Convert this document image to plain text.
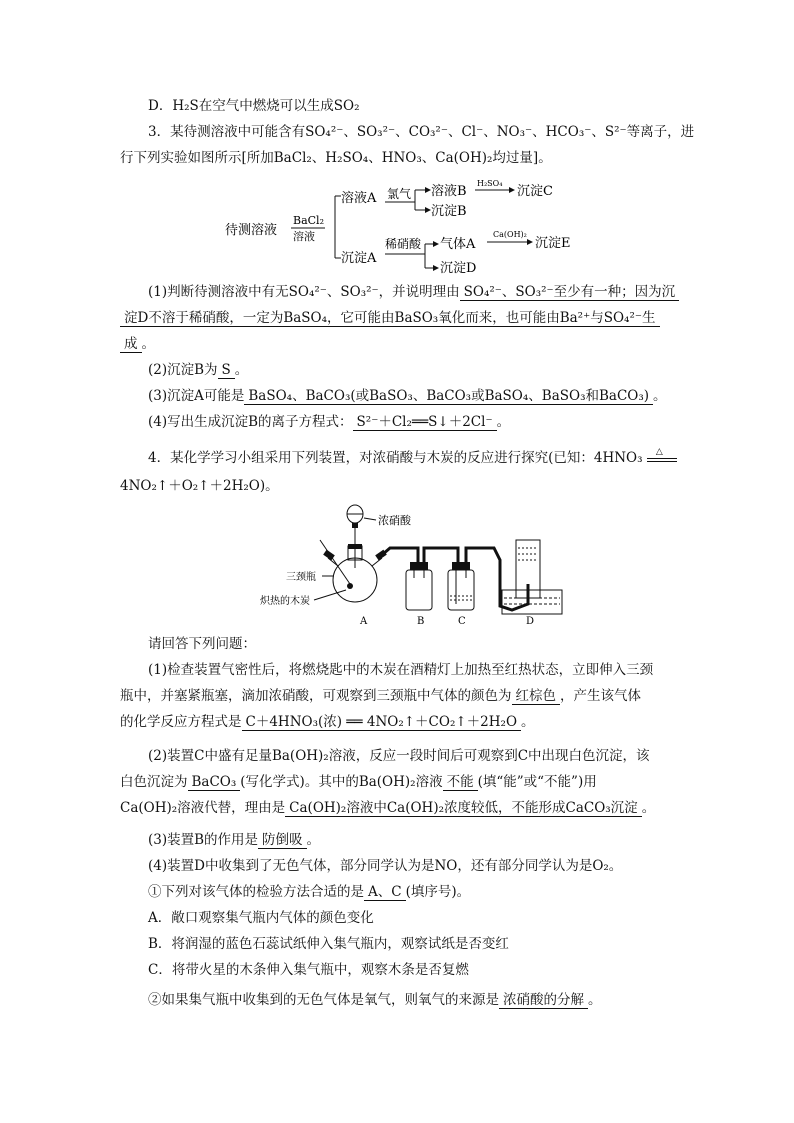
D．H₂S在空气中燃烧可以生成SO₂
3．某待测溶液中可能含有SO₄²⁻、SO₃²⁻、CO₃²⁻、Cl⁻、NO₃⁻、HCO₃⁻、S²⁻等离子，进
行下列实验如图所示[所加BaCl₂、H₂SO₄、HNO₃、Ca(OH)₂均过量]。
待测溶液
BaCl₂
溶液
溶液A
沉淀A
氯气 溶液B
沉淀B
H₂SO₄
沉淀C
稀硝酸 气体A
沉淀D
Ca(OH)₂
沉淀E
(1)判断待测溶液中有无SO₄²⁻、SO₃²⁻，并说明理由 SO₄²⁻、SO₃²⁻至少有一种；因为沉
淀D不溶于稀硝酸，一定为BaSO₄，它可能由BaSO₃氧化而来，也可能由Ba²⁺与SO₄²⁻生
成 。
(2)沉淀B为 S 。
(3)沉淀A可能是 BaSO₄、BaCO₃(或BaSO₃、BaCO₃或BaSO₄、BaSO₃和BaCO₃) 。
(4)写出生成沉淀B的离子方程式： S²⁻＋Cl₂══S↓＋2Cl⁻ 。
4．某化学学习小组采用下列装置，对浓硝酸与木炭的反应进行探究(已知：4HNO₃ △
4NO₂↑＋O₂↑＋2H₂O)。
浓硝酸
三颈瓶
炽热的木炭
A	B	C	D
请回答下列问题：
(1)检查装置气密性后，将燃烧匙中的木炭在酒精灯上加热至红热状态，立即伸入三颈
瓶中，并塞紧瓶塞，滴加浓硝酸，可观察到三颈瓶中气体的颜色为 红棕色 ，产生该气体
的化学反应方程式是 C＋4HNO₃(浓) ══ 4NO₂↑＋CO₂↑＋2H₂O 。
(2)装置C中盛有足量Ba(OH)₂溶液，反应一段时间后可观察到C中出现白色沉淀，该
白色沉淀为 BaCO₃ (写化学式)。其中的Ba(OH)₂溶液 不能 (填“能”或“不能”)用
Ca(OH)₂溶液代替，理由是 Ca(OH)₂溶液中Ca(OH)₂浓度较低，不能形成CaCO₃沉淀 。
(3)装置B的作用是 防倒吸 。
(4)装置D中收集到了无色气体，部分同学认为是NO，还有部分同学认为是O₂。
①下列对该气体的检验方法合适的是 A、C (填序号)。
A．敞口观察集气瓶内气体的颜色变化
B．将润湿的蓝色石蕊试纸伸入集气瓶内，观察试纸是否变红
C．将带火星的木条伸入集气瓶中，观察木条是否复燃
②如果集气瓶中收集到的无色气体是氧气，则氧气的来源是 浓硝酸的分解 。
